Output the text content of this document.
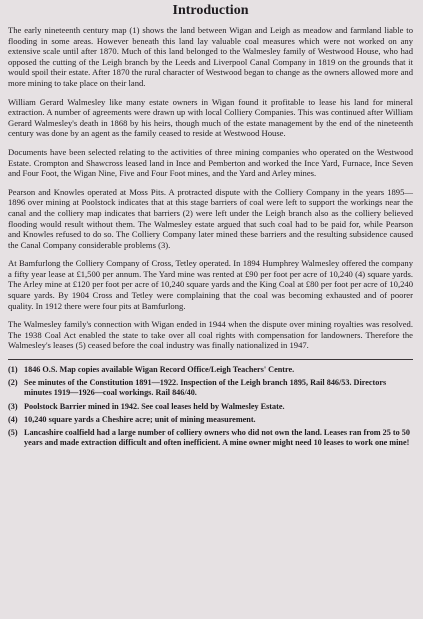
Introduction

The early nineteenth century map (1) shows the land between Wigan and Leigh as meadow and farmland liable to flooding in some areas. However beneath this land lay valuable coal measures which were not worked on any extensive scale until after 1870. Much of this land belonged to the Walmesley family of Westwood House, who had opposed the cutting of the Leigh branch by the Leeds and Liverpool Canal Company in 1819 on the grounds that it would spoil their estate. After 1870 the rural character of Westwood began to change as the owners allowed more and more mining to take place on their land.

William Gerard Walmesley like many estate owners in Wigan found it profitable to lease his land for mineral extraction. A number of agreements were drawn up with local Colliery Companies. This was continued after William Gerard Walmesley's death in 1868 by his heirs, though much of the estate management by the end of the nineteenth century was done by an agent as the family ceased to reside at Westwood House.

Documents have been selected relating to the activities of three mining companies who operated on the Westwood Estate. Crompton and Shawcross leased land in Ince and Pemberton and worked the Ince Yard, Furnace, Ince Seven and Four Foot, the Wigan Nine, Five and Four Foot mines, and the Yard and Arley mines.

Pearson and Knowles operated at Moss Pits. A protracted dispute with the Colliery Company in the years 1895—1896 over mining at Poolstock indicates that at this stage barriers of coal were left to support the workings near the canal and the colliery map indicates that barriers (2) were left under the Leigh branch also as the colliery believed flooding would result without them. The Walmesley estate argued that such coal had to be paid for, while Pearson and Knowles refused to do so. The Colliery Company later mined these barriers and the resulting subsidence caused the Canal Company considerable problems (3).

At Bamfurlong the Colliery Company of Cross, Tetley operated. In 1894 Humphrey Walmesley offered the company a fifty year lease at £1,500 per annum. The Yard mine was rented at £90 per foot per acre of 10,240 (4) square yards. The Arley mine at £120 per foot per acre of 10,240 square yards and the King Coal at £80 per foot per acre of 10,240 square yards. By 1904 Cross and Tetley were complaining that the coal was becoming exhausted and of poorer quality. In 1912 there were four pits at Bamfurlong.

The Walmesley family's connection with Wigan ended in 1944 when the dispute over mining royalties was resolved. The 1938 Coal Act enabled the state to take over all coal rights with compensation for landowners. Therefore the Walmesley's leases (5) ceased before the coal industry was finally nationalized in 1947.

(1) 1846 O.S. Map copies available Wigan Record Office/Leigh Teachers' Centre.
(2) See minutes of the Constitution 1891—1922. Inspection of the Leigh branch 1895, Rail 846/53. Directors minutes 1919—1926—coal workings. Rail 846/40.
(3) Poolstock Barrier mined in 1942. See coal leases held by Walmesley Estate.
(4) 10,240 square yards a Cheshire acre; unit of mining measurement.
(5) Lancashire coalfield had a large number of colliery owners who did not own the land. Leases ran from 25 to 50 years and made extraction difficult and often inefficient. A mine owner might need 10 leases to work one mine!
